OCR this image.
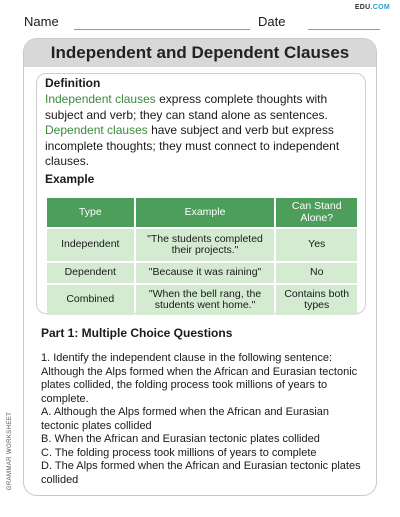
EDU.COM
Name	Date
GRAMMAR WORKSHEET
Independent and Dependent Clauses
Definition

Independent clauses express complete thoughts with subject and verb; they can stand alone as sentences.

Dependent clauses have subject and verb but express incomplete thoughts; they must connect to independent clauses.

Example
Type	Example	Can Stand Alone?
Independent	"The students completed their projects."	Yes
Dependent	"Because it was raining"	No
Combined	"When the bell rang, the students went home."	Contains both types
Part 1: Multiple Choice Questions

1. Identify the independent clause in the following sentence: Although the Alps formed when the African and Eurasian tectonic plates collided, the folding process took millions of years to complete.

A. Although the Alps formed when the African and Eurasian tectonic plates collided

B. When the African and Eurasian tectonic plates collided

C. The folding process took millions of years to complete

D. The Alps formed when the African and Eurasian tectonic plates collided
